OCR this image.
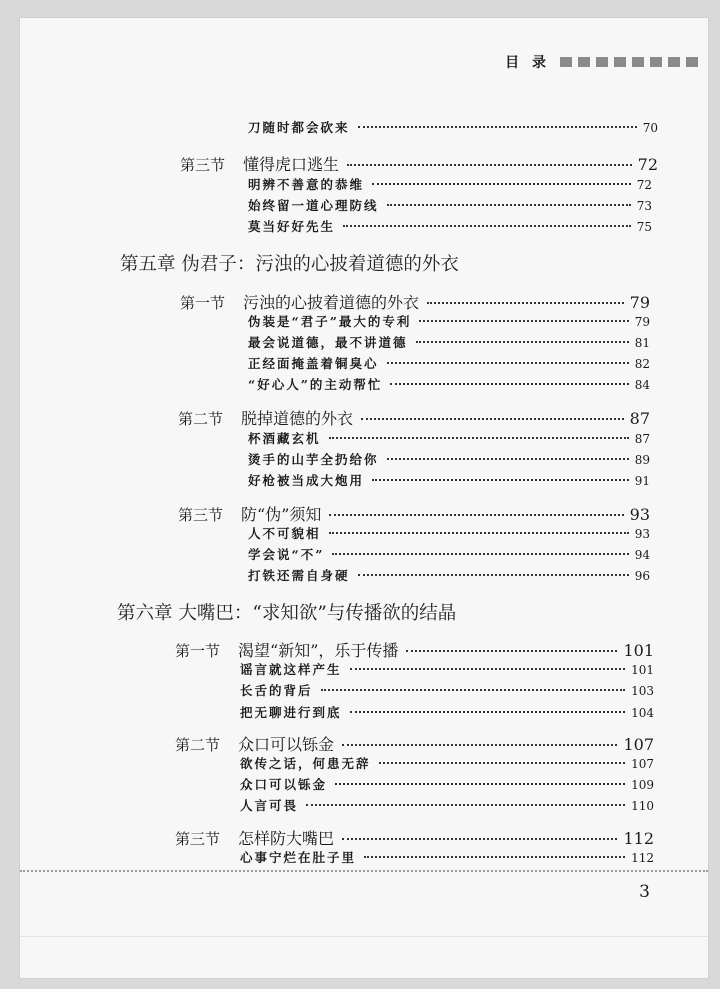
目 录
刀随时都会砍来	70
第三节 懂得虎口逃生	72
明辨不善意的恭维	72
始终留一道心理防线	73
莫当好好先生	75
第五章 伪君子：污浊的心披着道德的外衣
第一节 污浊的心披着道德的外衣	79
伪装是“君子”最大的专利	79
最会说道德，最不讲道德	81
正经面掩盖着铜臭心	82
“好心人”的主动帮忙	84
第二节 脱掉道德的外衣	87
杯酒藏玄机	87
烫手的山芋全扔给你	89
好枪被当成大炮用	91
第三节 防“伪”须知	93
人不可貌相	93
学会说“不”	94
打铁还需自身硬	96
第六章 大嘴巴：“求知欲”与传播欲的结晶
第一节 渴望“新知”，乐于传播	101
谣言就这样产生	101
长舌的背后	103
把无聊进行到底	104
第二节 众口可以铄金	107
欲传之话，何患无辞	107
众口可以铄金	109
人言可畏	110
第三节 怎样防大嘴巴	112
心事宁烂在肚子里	112
3
